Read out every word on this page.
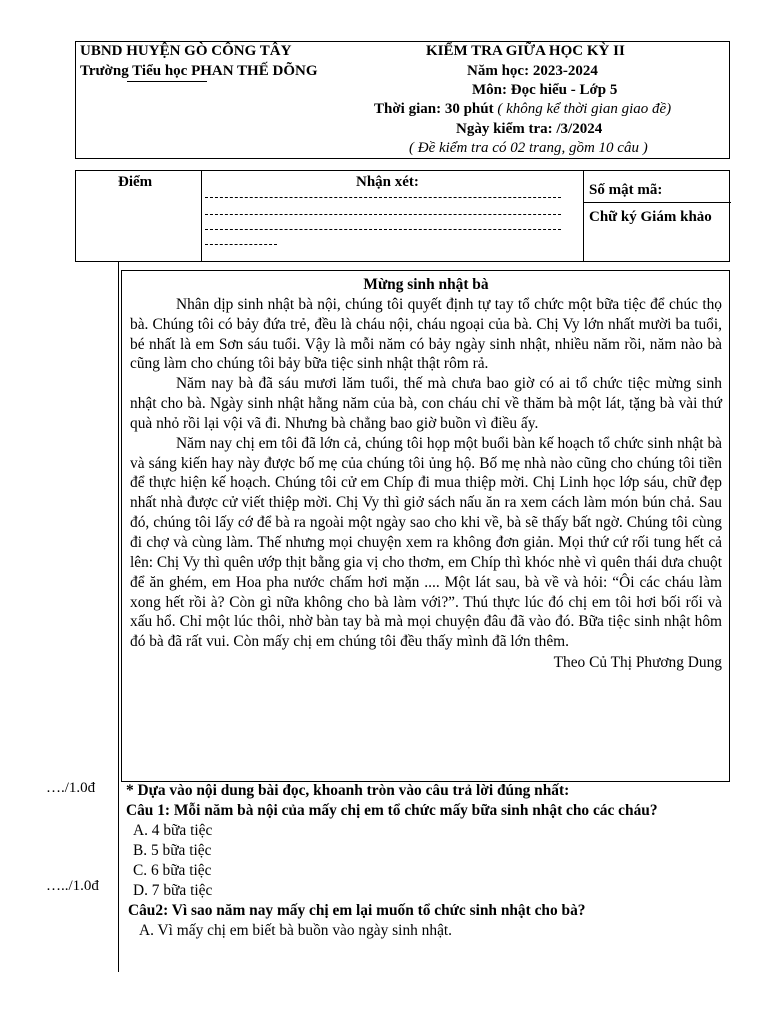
UBND HUYỆN GÒ CÔNG TÂY
Trường Tiểu học PHAN THẾ DÕNG
KIỂM TRA GIỮA HỌC KỲ II
Năm học: 2023-2024
Môn: Đọc hiểu - Lớp 5
Thời gian: 30 phút ( không kể thời gian giao đề)
Ngày kiểm tra: /3/2024
( Đề kiểm tra có 02 trang, gồm 10 câu )
Điểm	Nhận xét:	Số mật mã:
Chữ ký Giám khảo
Mừng sinh nhật bà

Nhân dịp sinh nhật bà nội, chúng tôi quyết định tự tay tổ chức một bữa tiệc để chúc thọ bà. Chúng tôi có bảy đứa trẻ, đều là cháu nội, cháu ngoại của bà. Chị Vy lớn nhất mười ba tuổi, bé nhất là em Sơn sáu tuổi. Vậy là mỗi năm có bảy ngày sinh nhật, nhiều năm rồi, năm nào bà cũng làm cho chúng tôi bảy bữa tiệc sinh nhật thật rôm rả.

Năm nay bà đã sáu mươi lăm tuổi, thế mà chưa bao giờ có ai tổ chức tiệc mừng sinh nhật cho bà. Ngày sinh nhật hằng năm của bà, con cháu chỉ về thăm bà một lát, tặng bà vài thứ quà nhỏ rồi lại vội vã đi. Nhưng bà chẳng bao giờ buồn vì điều ấy.

Năm nay chị em tôi đã lớn cả, chúng tôi họp một buổi bàn kế hoạch tổ chức sinh nhật bà và sáng kiến hay này được bố mẹ của chúng tôi ủng hộ. Bố mẹ nhà nào cũng cho chúng tôi tiền để thực hiện kế hoạch. Chúng tôi cử em Chíp đi mua thiệp mời. Chị Linh học lớp sáu, chữ đẹp nhất nhà được cử viết thiệp mời. Chị Vy thì giở sách nấu ăn ra xem cách làm món bún chả. Sau đó, chúng tôi lấy cớ để bà ra ngoài một ngày sao cho khi về, bà sẽ thấy bất ngờ. Chúng tôi cùng đi chợ và cùng làm. Thế nhưng mọi chuyện xem ra không đơn giản. Mọi thứ cứ rối tung hết cả lên: Chị Vy thì quên ướp thịt bằng gia vị cho thơm, em Chíp thì khóc nhè vì quên thái dưa chuột để ăn ghém, em Hoa pha nước chấm hơi mặn .... Một lát sau, bà về và hỏi: “Ôi các cháu làm xong hết rồi à? Còn gì nữa không cho bà làm với?”. Thú thực lúc đó chị em tôi hơi bối rối và xấu hổ. Chỉ một lúc thôi, nhờ bàn tay bà mà mọi chuyện đâu đã vào đó. Bữa tiệc sinh nhật hôm đó bà đã rất vui. Còn mấy chị em chúng tôi đều thấy mình đã lớn thêm.

Theo Củ Thị Phương Dung
…./1.0đ
…../1.0đ
* Dựa vào nội dung bài đọc, khoanh tròn vào câu trả lời đúng nhất:
Câu 1: Mỗi năm bà nội của mấy chị em tổ chức mấy bữa sinh nhật cho các cháu?
A. 4 bữa tiệc
B. 5 bữa tiệc
C. 6 bữa tiệc
D. 7 bữa tiệc
Câu2: Vì sao năm nay mấy chị em lại muốn tổ chức sinh nhật cho bà?
A. Vì mấy chị em biết bà buồn vào ngày sinh nhật.
